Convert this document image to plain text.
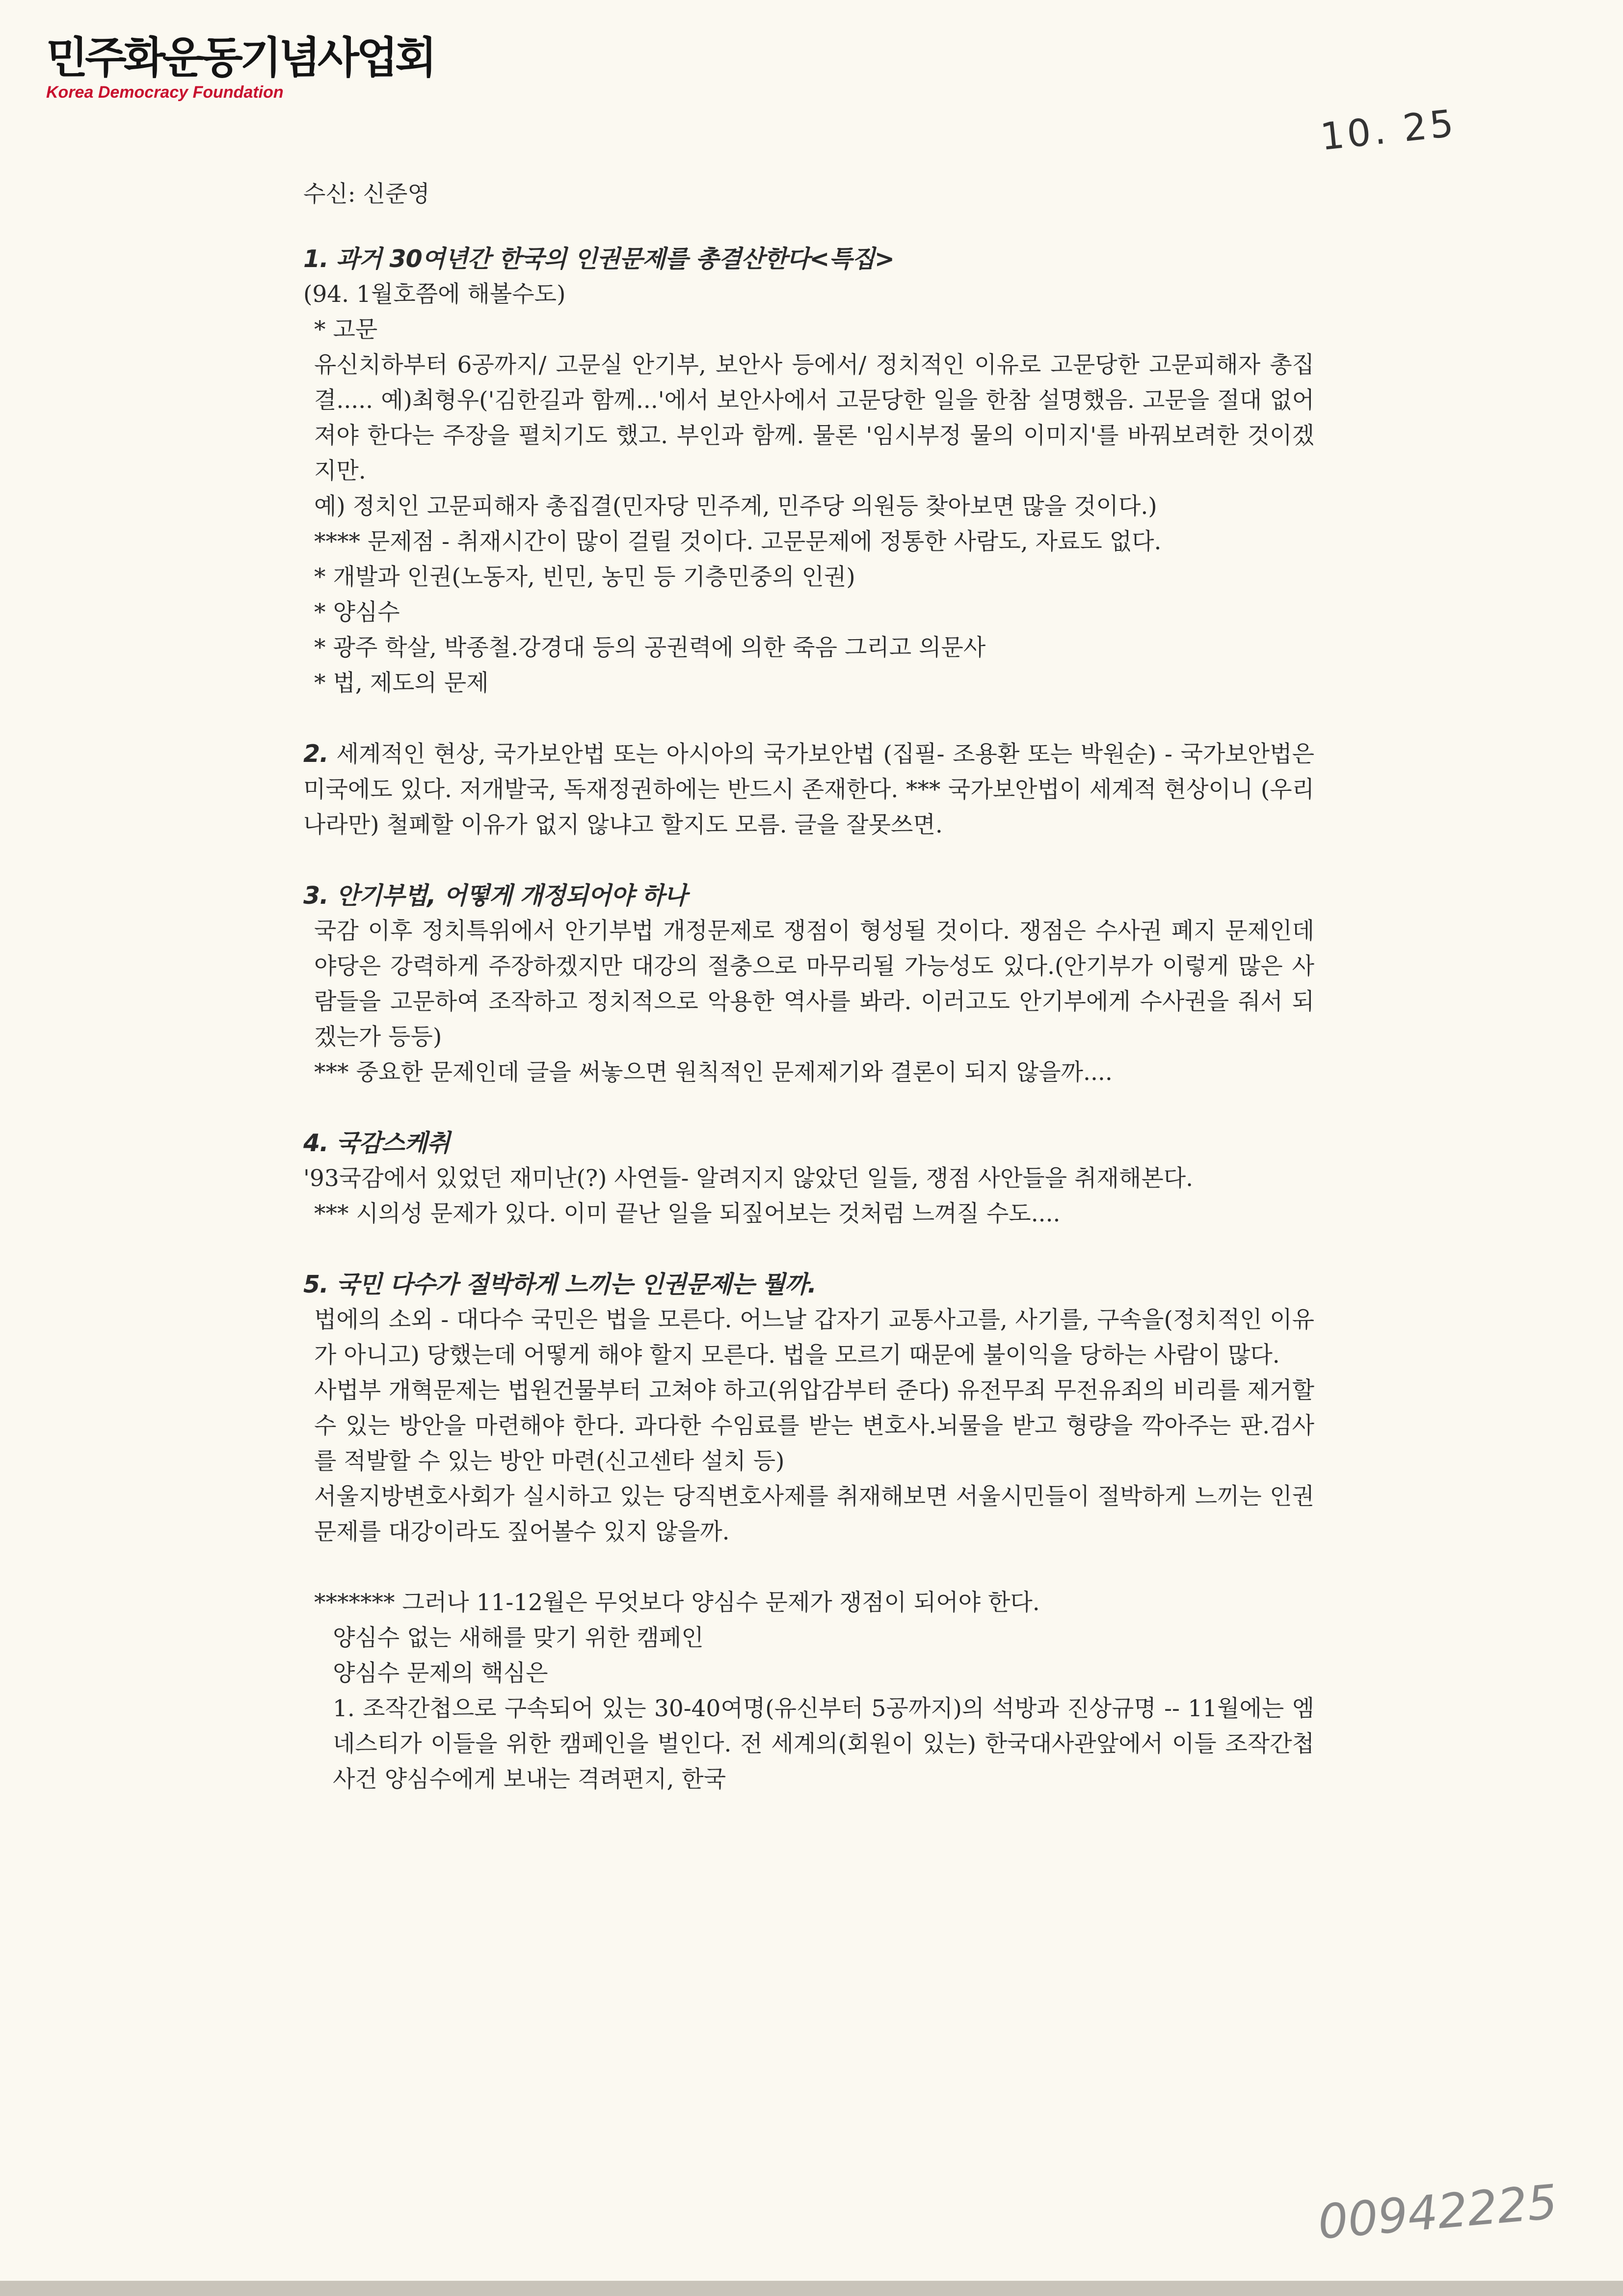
민주화운동기념사업회
Korea Democracy Foundation
10. 25

수신: 신준영

1. 과거 30여년간 한국의 인권문제를 총결산한다<특집>

(94. 1월호쯤에 해볼수도)

* 고문

유신치하부터 6공까지/ 고문실 안기부, 보안사 등에서/ 정치적인 이유로 고문당한 고문피해자 총집결..... 예)최형우('김한길과 함께...'에서 보안사에서 고문당한 일을 한참 설명했음. 고문을 절대 없어져야 한다는 주장을 펼치기도 했고. 부인과 함께. 물론 '임시부정 물의 이미지'를 바꿔보려한 것이겠지만.

예) 정치인 고문피해자 총집결(민자당 민주계, 민주당 의원등 찾아보면 많을 것이다.)

**** 문제점 - 취재시간이 많이 걸릴 것이다. 고문문제에 정통한 사람도, 자료도 없다.

* 개발과 인권(노동자, 빈민, 농민 등 기층민중의 인권)

* 양심수

* 광주 학살, 박종철.강경대 등의 공권력에 의한 죽음 그리고 의문사

* 법, 제도의 문제

2. 세계적인 현상, 국가보안법 또는 아시아의 국가보안법 (집필- 조용환 또는 박원순) - 국가보안법은 미국에도 있다. 저개발국, 독재정권하에는 반드시 존재한다. *** 국가보안법이 세계적 현상이니 (우리나라만) 철폐할 이유가 없지 않냐고 할지도 모름. 글을 잘못쓰면.

3. 안기부법, 어떻게 개정되어야 하나

국감 이후 정치특위에서 안기부법 개정문제로 쟁점이 형성될 것이다. 쟁점은 수사권 폐지 문제인데 야당은 강력하게 주장하겠지만 대강의 절충으로 마무리될 가능성도 있다.(안기부가 이렇게 많은 사람들을 고문하여 조작하고 정치적으로 악용한 역사를 봐라. 이러고도 안기부에게 수사권을 줘서 되겠는가 등등)

*** 중요한 문제인데 글을 써놓으면 원칙적인 문제제기와 결론이 되지 않을까....

4. 국감스케취

'93국감에서 있었던 재미난(?) 사연들- 알려지지 않았던 일들, 쟁점 사안들을 취재해본다.

*** 시의성 문제가 있다. 이미 끝난 일을 되짚어보는 것처럼 느껴질 수도....

5. 국민 다수가 절박하게 느끼는 인권문제는 뭘까.

법에의 소외 - 대다수 국민은 법을 모른다. 어느날 갑자기 교통사고를, 사기를, 구속을(정치적인 이유가 아니고) 당했는데 어떻게 해야 할지 모른다. 법을 모르기 때문에 불이익을 당하는 사람이 많다.

사법부 개혁문제는 법원건물부터 고쳐야 하고(위압감부터 준다) 유전무죄 무전유죄의 비리를 제거할 수 있는 방안을 마련해야 한다. 과다한 수임료를 받는 변호사.뇌물을 받고 형량을 깍아주는 판.검사를 적발할 수 있는 방안 마련(신고센타 설치 등)

서울지방변호사회가 실시하고 있는 당직변호사제를 취재해보면 서울시민들이 절박하게 느끼는 인권문제를 대강이라도 짚어볼수 있지 않을까.

******* 그러나 11-12월은 무엇보다 양심수 문제가 쟁점이 되어야 한다.

양심수 없는 새해를 맞기 위한 캠페인

양심수 문제의 핵심은

1. 조작간첩으로 구속되어 있는 30-40여명(유신부터 5공까지)의 석방과 진상규명 -- 11월에는 엠네스티가 이들을 위한 캠페인을 벌인다. 전 세계의(회원이 있는) 한국대사관앞에서 이들 조작간첩 사건 양심수에게 보내는 격려편지, 한국

00942225
